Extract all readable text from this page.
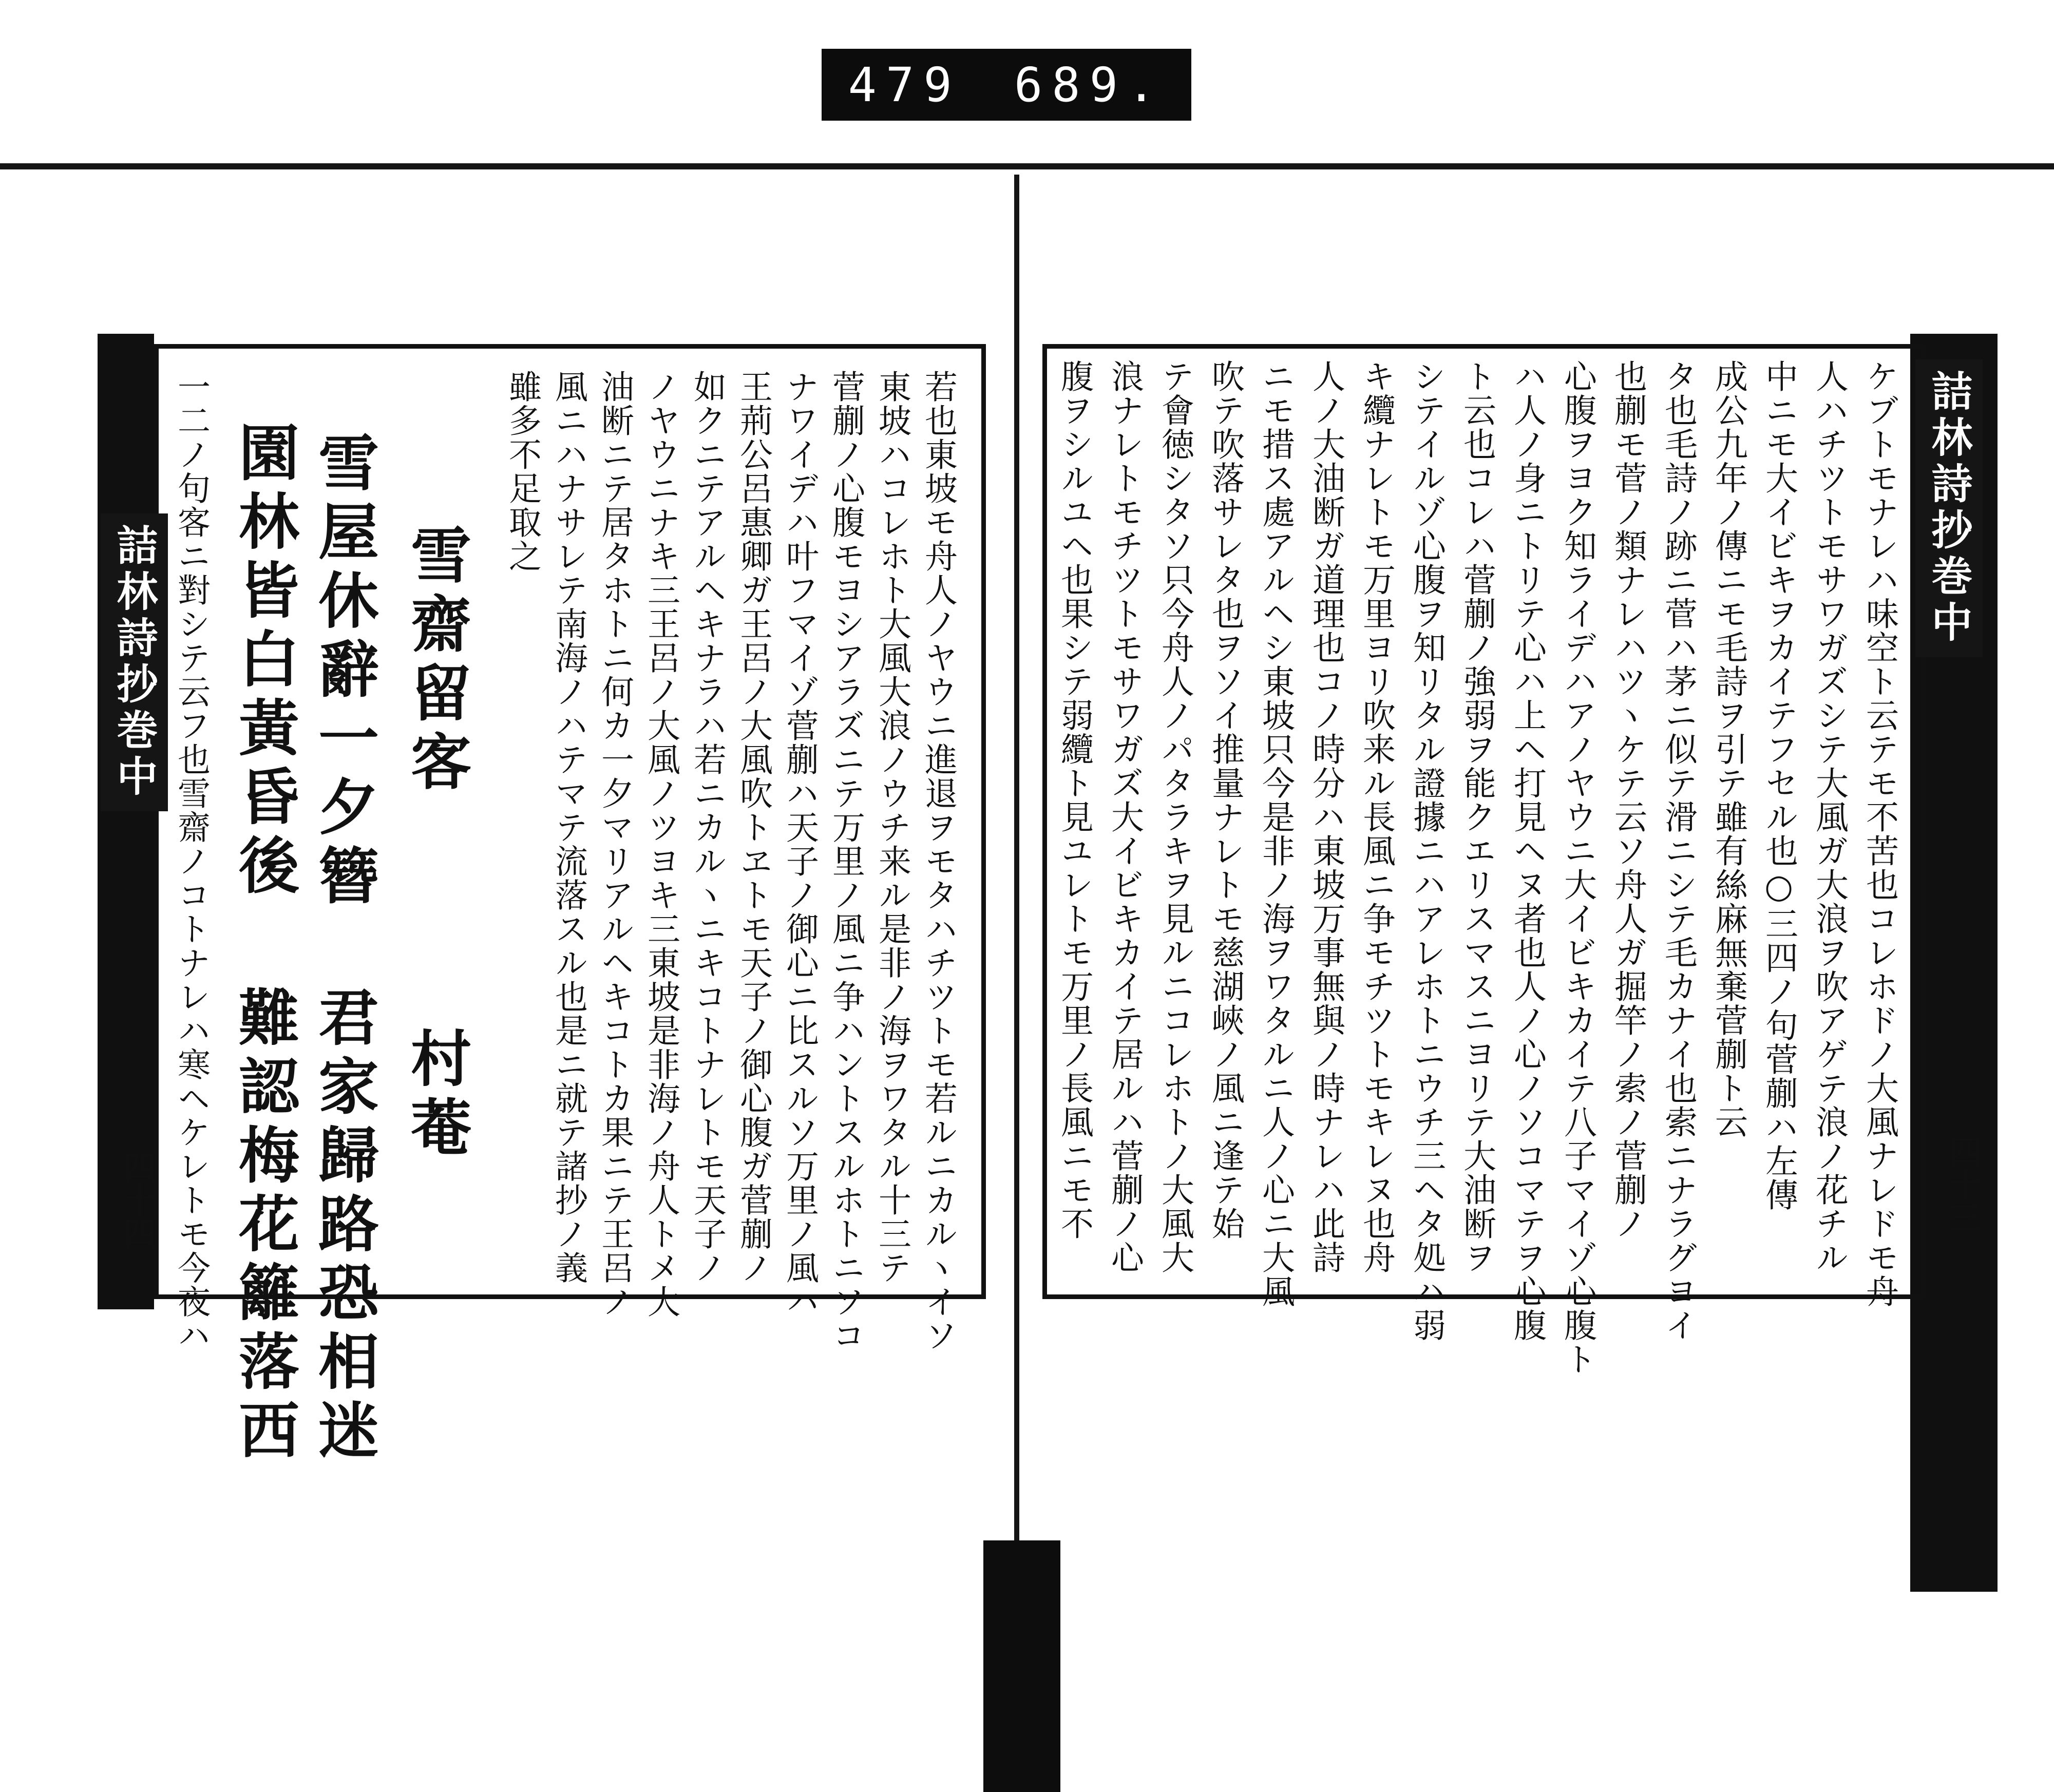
479 689.
詰林詩抄巻中
四十四 一二ノ句客ニ對シテ云フ也雪齋ノコトナレハ寒ヘケレトモ今夜ハ 園林皆白黃昏後
難認梅花籬落西
雪屋休辭一夕簪
君家歸路恐相迷 村菴
雪齋留客
雖多不足取之 風ニハナサレテ南海ノハテマテ流落スル也是ニ就テ諸抄ノ義 油断ニテ居タホトニ何カ一夕マリアルヘキコトカ果ニテ王呂ノ ノヤウニナキ三王呂ノ大風ノツヨキ三東坡是非海ノ舟人トメ大 如クニテアルヘキナラハ若ニカルヽニキコトナレトモ天子ノ 王荊公呂惠卿ガ王呂ノ大風吹トヱトモ天子ノ御心腹ガ菅蒯ノ ナワイデハ叶フマイゾ菅蒯ハ天子ノ御心ニ比スルソ万里ノ風ハ 菅蒯ノ心腹モヨシアラズニテ万里ノ風ニ争ハントスルホトニソコ 東坡ハコレホト大風大浪ノウチ来ル是非ノ海ヲワタル十三テ 若也東坡モ舟人ノヤウニ進退ヲモタハチツトモ若ルニカルヽイソ	詰林詩抄巻中
四十三
腹ヲシルユヘ也果シテ弱纜ト見ユレトモ万里ノ長風ニモ不 浪ナレトモチツトモサワガズ大イビキカイテ居ルハ菅蒯ノ心 テ會徳シタソ只今舟人ノパタラキヲ見ルニコレホトノ大風大 吹テ吹落サレタ也ヲソイ推量ナレトモ慈湖峽ノ風ニ逢テ始 ニモ措ス處アルヘシ東坡只今是非ノ海ヲワタルニ人ノ心ニ大風 人ノ大油断ガ道理也コノ時分ハ東坡万事無與ノ時ナレハ此詩 キ纜ナレトモ万里ヨリ吹来ル長風ニ争モチツトモキレヌ也舟 シテイルゾ心腹ヲ知リタル證據ニハアレホトニウチ三ヘタ処ハ弱 ト云也コレハ菅蒯ノ強弱ヲ能クエリスマスニヨリテ大油断ヲ ハ人ノ身ニトリテ心ハ上ヘ打見ヘヌ者也人ノ心ノソコマテヲ心腹 心腹ヲヨク知ライデハアノヤウニ大イビキカイテ八子マイゾ心腹ト 也蒯モ菅ノ類ナレハツヽケテ云ソ舟人ガ掘竿ノ索ノ菅蒯ノ タ也毛詩ノ跡ニ菅ハ茅ニ似テ滑ニシテ毛カナイ也索ニナラグヨイ 成公九年ノ傳ニモ毛詩ヲ引テ雖有絲麻無棄菅蒯ト云 中ニモ大イビキヲカイテフセル也○三四ノ句菅蒯ハ左傳 人ハチツトモサワガズシテ大風ガ大浪ヲ吹アゲテ浪ノ花チル ケブトモナレハ味空ト云テモ不苦也コレホドノ大風ナレドモ舟
